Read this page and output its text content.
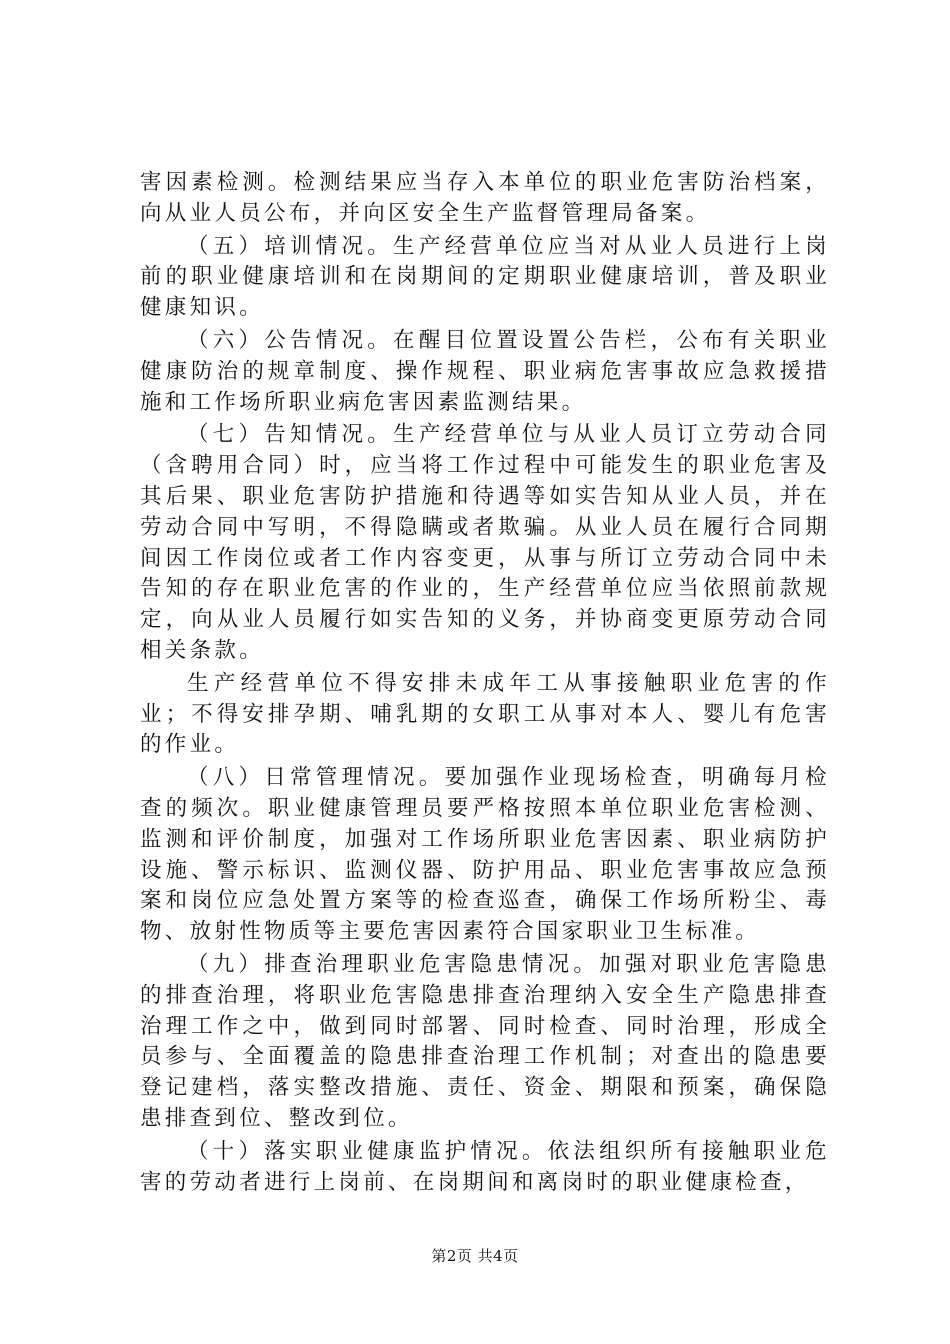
害因素检测。检测结果应当存入本单位的职业危害防治档案，向从业人员公布，并向区安全生产监督管理局备案。

（五）培训情况。生产经营单位应当对从业人员进行上岗前的职业健康培训和在岗期间的定期职业健康培训，普及职业健康知识。

（六）公告情况。在醒目位置设置公告栏，公布有关职业健康防治的规章制度、操作规程、职业病危害事故应急救援措施和工作场所职业病危害因素监测结果。

（七）告知情况。生产经营单位与从业人员订立劳动合同（含聘用合同）时，应当将工作过程中可能发生的职业危害及其后果、职业危害防护措施和待遇等如实告知从业人员，并在劳动合同中写明，不得隐瞒或者欺骗。从业人员在履行合同期间因工作岗位或者工作内容变更，从事与所订立劳动合同中未告知的存在职业危害的作业的，生产经营单位应当依照前款规定，向从业人员履行如实告知的义务，并协商变更原劳动合同相关条款。

生产经营单位不得安排未成年工从事接触职业危害的作业；不得安排孕期、哺乳期的女职工从事对本人、婴儿有危害的作业。

（八）日常管理情况。要加强作业现场检查，明确每月检查的频次。职业健康管理员要严格按照本单位职业危害检测、监测和评价制度，加强对工作场所职业危害因素、职业病防护设施、警示标识、监测仪器、防护用品、职业危害事故应急预案和岗位应急处置方案等的检查巡查，确保工作场所粉尘、毒物、放射性物质等主要危害因素符合国家职业卫生标准。

（九）排查治理职业危害隐患情况。加强对职业危害隐患的排查治理，将职业危害隐患排查治理纳入安全生产隐患排查治理工作之中，做到同时部署、同时检查、同时治理，形成全员参与、全面覆盖的隐患排查治理工作机制；对查出的隐患要登记建档，落实整改措施、责任、资金、期限和预案，确保隐患排查到位、整改到位。

（十）落实职业健康监护情况。依法组织所有接触职业危害的劳动者进行上岗前、在岗期间和离岗时的职业健康检查，

第2页 共4页
